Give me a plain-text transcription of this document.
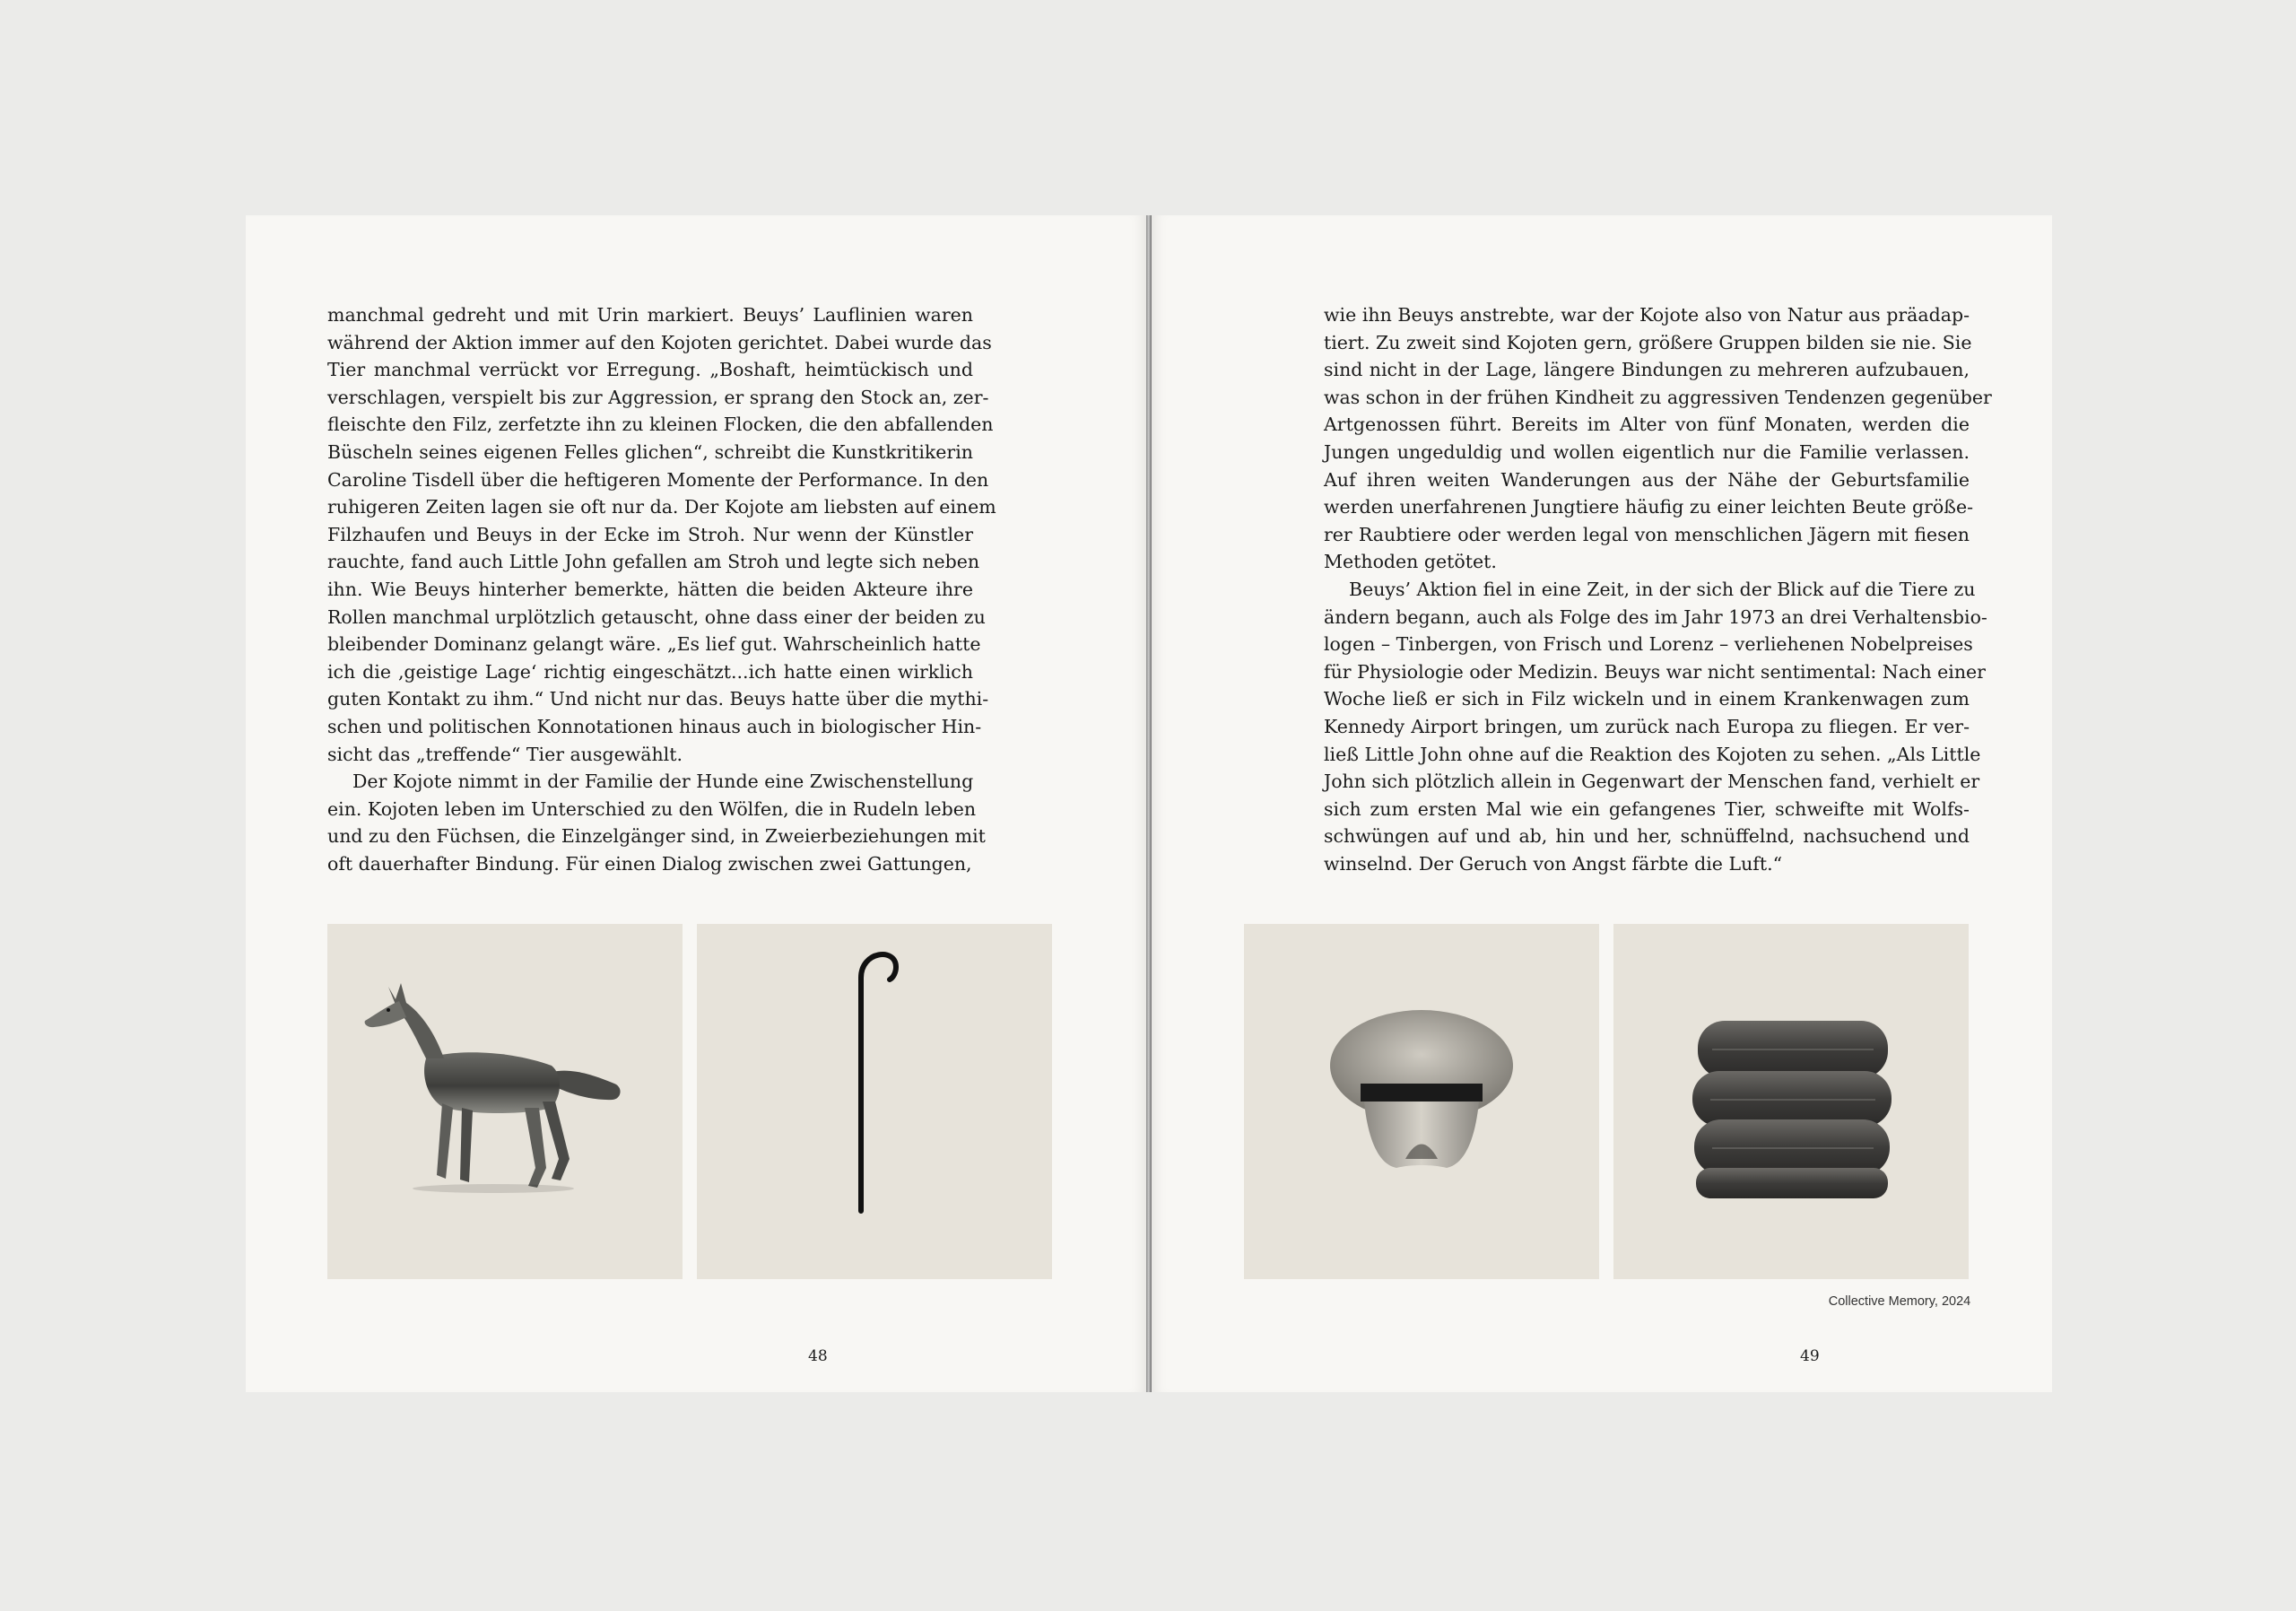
manchmal gedreht und mit Urin markiert. Beuys’ Lauflinien waren
während der Aktion immer auf den Kojoten gerichtet. Dabei wurde das
Tier manchmal verrückt vor Erregung. „Boshaft, heimtückisch und
verschlagen, verspielt bis zur Aggression, er sprang den Stock an, zer-
fleischte den Filz, zerfetzte ihn zu kleinen Flocken, die den abfallenden
Büscheln seines eigenen Felles glichen“, schreibt die Kunstkritikerin
Caroline Tisdell über die heftigeren Momente der Performance. In den
ruhigeren Zeiten lagen sie oft nur da. Der Kojote am liebsten auf einem
Filzhaufen und Beuys in der Ecke im Stroh. Nur wenn der Künstler
rauchte, fand auch Little John gefallen am Stroh und legte sich neben
ihn. Wie Beuys hinterher bemerkte, hätten die beiden Akteure ihre
Rollen manchmal urplötzlich getauscht, ohne dass einer der beiden zu
bleibender Dominanz gelangt wäre. „Es lief gut. Wahrscheinlich hatte
ich die ‚geistige Lage‘ richtig eingeschätzt...ich hatte einen wirklich
guten Kontakt zu ihm.“ Und nicht nur das. Beuys hatte über die mythi-
schen und politischen Konnotationen hinaus auch in biologischer Hin-
sicht das „treffende“ Tier ausgewählt.
Der Kojote nimmt in der Familie der Hunde eine Zwischenstellung
ein. Kojoten leben im Unterschied zu den Wölfen, die in Rudeln leben
und zu den Füchsen, die Einzelgänger sind, in Zweierbeziehungen mit
oft dauerhafter Bindung. Für einen Dialog zwischen zwei Gattungen,
48
wie ihn Beuys anstrebte, war der Kojote also von Natur aus präadap-
tiert. Zu zweit sind Kojoten gern, größere Gruppen bilden sie nie. Sie
sind nicht in der Lage, längere Bindungen zu mehreren aufzubauen,
was schon in der frühen Kindheit zu aggressiven Tendenzen gegenüber
Artgenossen führt. Bereits im Alter von fünf Monaten, werden die
Jungen ungeduldig und wollen eigentlich nur die Familie verlassen.
Auf ihren weiten Wanderungen aus der Nähe der Geburtsfamilie
werden unerfahrenen Jungtiere häufig zu einer leichten Beute größe-
rer Raubtiere oder werden legal von menschlichen Jägern mit fiesen
Methoden getötet.
Beuys’ Aktion fiel in eine Zeit, in der sich der Blick auf die Tiere zu
ändern begann, auch als Folge des im Jahr 1973 an drei Verhaltensbio-
logen – Tinbergen, von Frisch und Lorenz – verliehenen Nobelpreises
für Physiologie oder Medizin. Beuys war nicht sentimental: Nach einer
Woche ließ er sich in Filz wickeln und in einem Krankenwagen zum
Kennedy Airport bringen, um zurück nach Europa zu fliegen. Er ver-
ließ Little John ohne auf die Reaktion des Kojoten zu sehen. „Als Little
John sich plötzlich allein in Gegenwart der Menschen fand, verhielt er
sich zum ersten Mal wie ein gefangenes Tier, schweifte mit Wolfs-
schwüngen auf und ab, hin und her, schnüffelnd, nachsuchend und
winselnd. Der Geruch von Angst färbte die Luft.“
Collective Memory, 2024
49
